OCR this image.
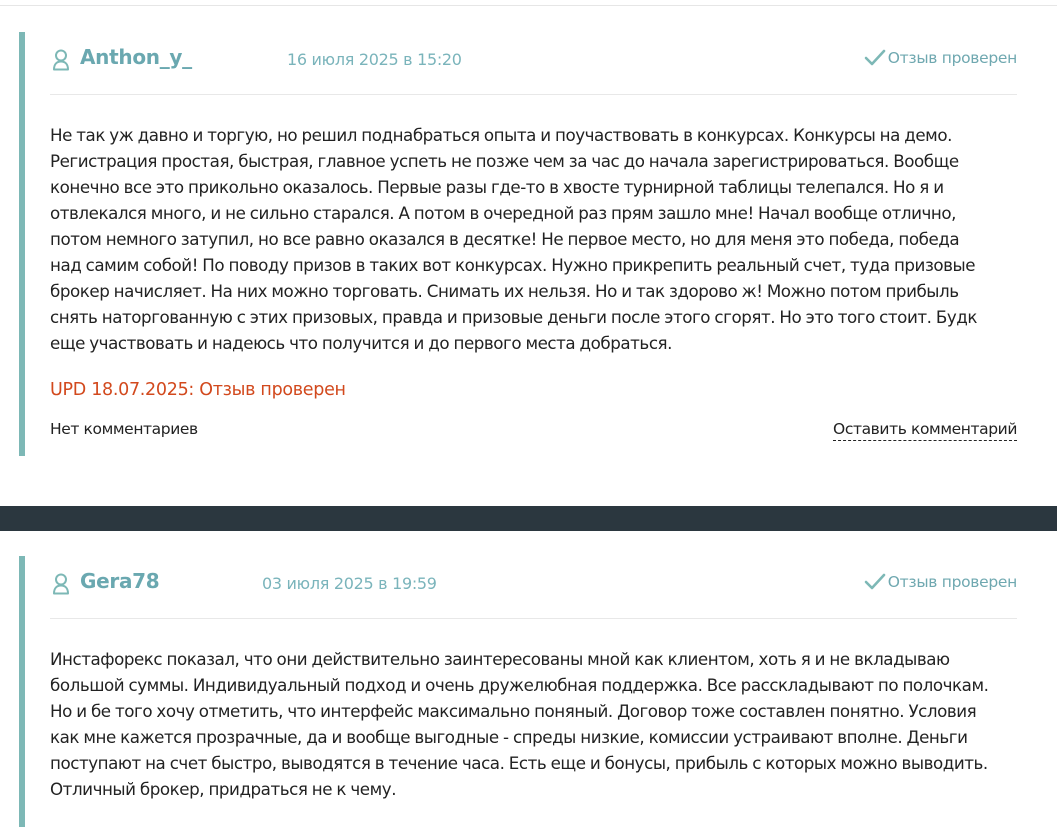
Anthon_y_	16 июля 2025 в 15:20	Отзыв проверен
Не так уж давно и торгую, но решил поднабраться опыта и поучаствовать в конкурсах. Конкурсы на демо.
Регистрация простая, быстрая, главное успеть не позже чем за час до начала зарегистрироваться. Вообще
конечно все это прикольно оказалось. Первые разы где-то в хвосте турнирной таблицы телепался. Но я и
отвлекался много, и не сильно старался. А потом в очередной раз прям зашло мне! Начал вообще отлично,
потом немного затупил, но все равно оказался в десятке! Не первое место, но для меня это победа, победа
над самим собой! По поводу призов в таких вот конкурсах. Нужно прикрепить реальный счет, туда призовые
брокер начисляет. На них можно торговать. Снимать их нельзя. Но и так здорово ж! Можно потом прибыль
снять наторгованную с этих призовых, правда и призовые деньги после этого сгорят. Но это того стоит. Будк
еще участвовать и надеюсь что получится и до первого места добраться.
UPD 18.07.2025: Отзыв проверен
Нет комментариев	Оставить комментарий
Gera78	03 июля 2025 в 19:59	Отзыв проверен
Инстафорекс показал, что они действительно заинтересованы мной как клиентом, хоть я и не вкладываю
большой суммы. Индивидуальный подход и очень дружелюбная поддержка. Все расскладывают по полочкам.
Но и бе того хочу отметить, что интерфейс максимально поняный. Договор тоже составлен понятно. Условия
как мне кажется прозрачные, да и вообще выгодные - спреды низкие, комиссии устраивают вполне. Деньги
поступают на счет быстро, выводятся в течение часа. Есть еще и бонусы, прибыль с которых можно выводить.
Отличный брокер, придраться не к чему.
